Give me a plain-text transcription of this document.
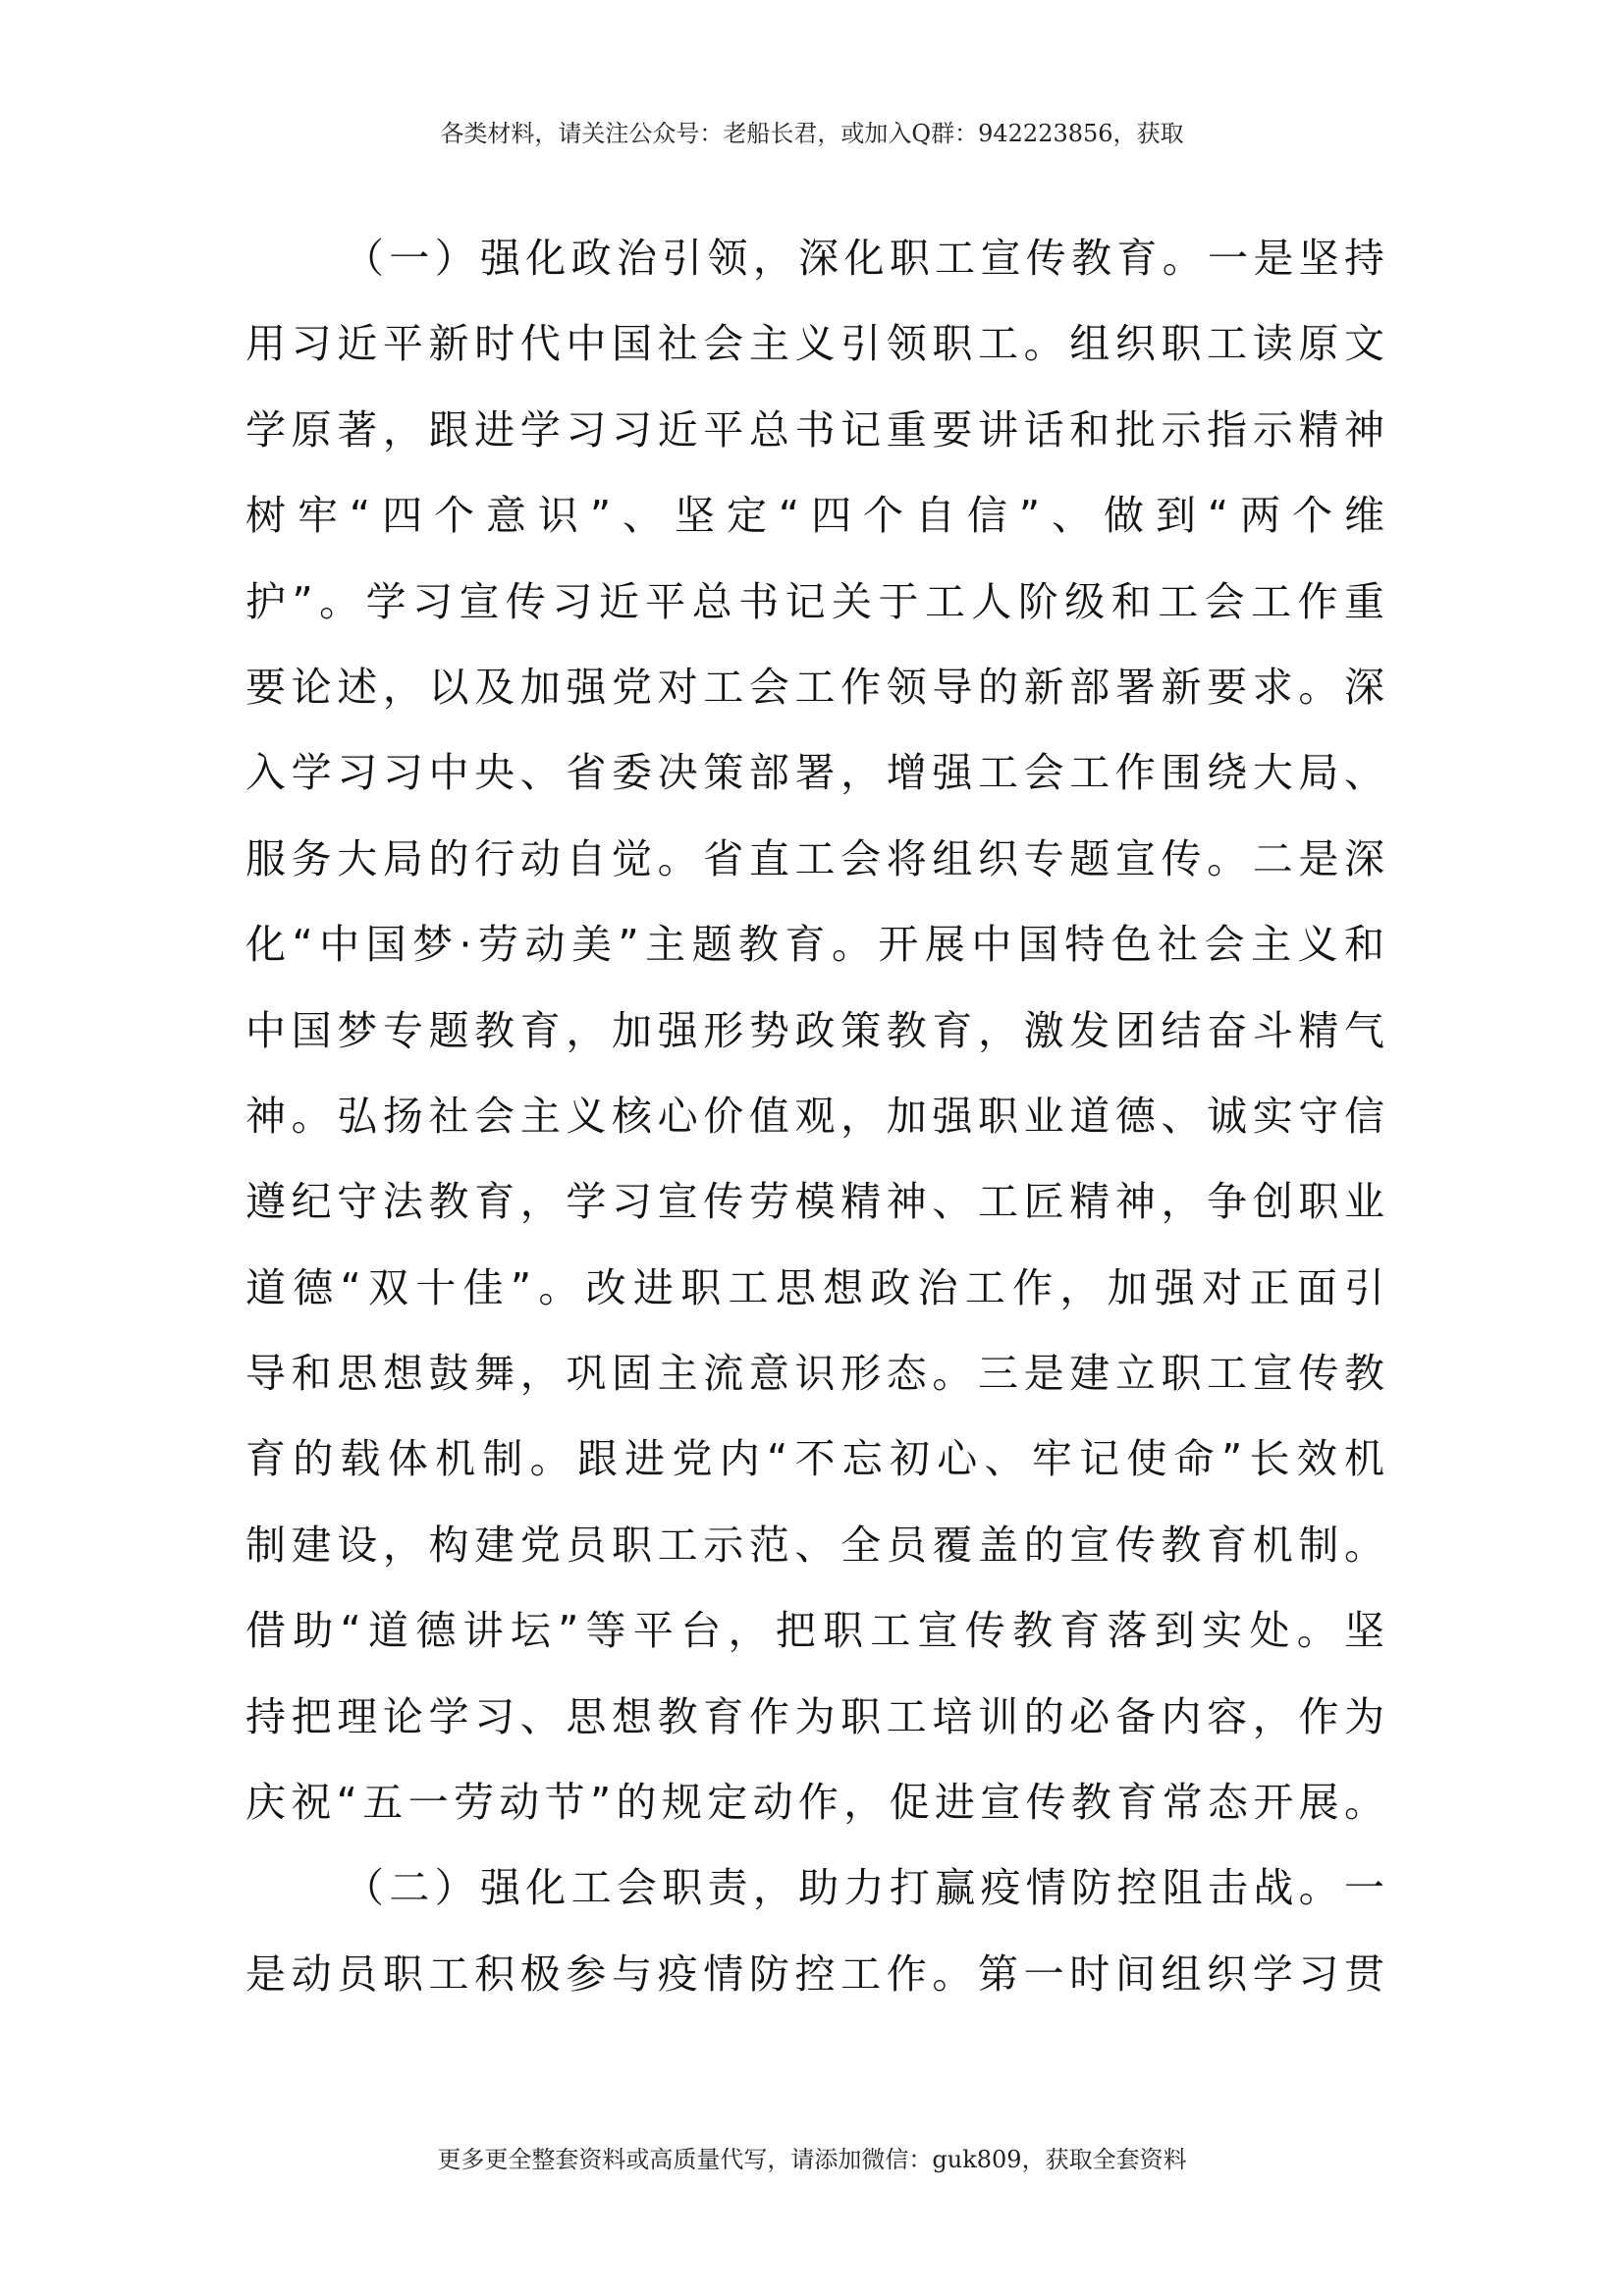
各类材料，请关注公众号：老船长君，或加入Q群：942223856，获取
（一）强化政治引领，深化职工宣传教育。一是坚持
用习近平新时代中国社会主义引领职工。组织职工读原文
学原著，跟进学习习近平总书记重要讲话和批示指示精神
树牢“四个意识”、坚定“四个自信”、做到“两个维
护”。学习宣传习近平总书记关于工人阶级和工会工作重
要论述，以及加强党对工会工作领导的新部署新要求。深
入学习习中央、省委决策部署，增强工会工作围绕大局、
服务大局的行动自觉。省直工会将组织专题宣传。二是深
化“中国梦·劳动美”主题教育。开展中国特色社会主义和
中国梦专题教育，加强形势政策教育，激发团结奋斗精气
神。弘扬社会主义核心价值观，加强职业道德、诚实守信
遵纪守法教育，学习宣传劳模精神、工匠精神，争创职业
道德“双十佳”。改进职工思想政治工作，加强对正面引
导和思想鼓舞，巩固主流意识形态。三是建立职工宣传教
育的载体机制。跟进党内“不忘初心、牢记使命”长效机
制建设，构建党员职工示范、全员覆盖的宣传教育机制。
借助“道德讲坛”等平台，把职工宣传教育落到实处。坚
持把理论学习、思想教育作为职工培训的必备内容，作为
庆祝“五一劳动节”的规定动作，促进宣传教育常态开展。
（二）强化工会职责，助力打赢疫情防控阻击战。一
是动员职工积极参与疫情防控工作。第一时间组织学习贯
更多更全整套资料或高质量代写，请添加微信：guk809，获取全套资料
